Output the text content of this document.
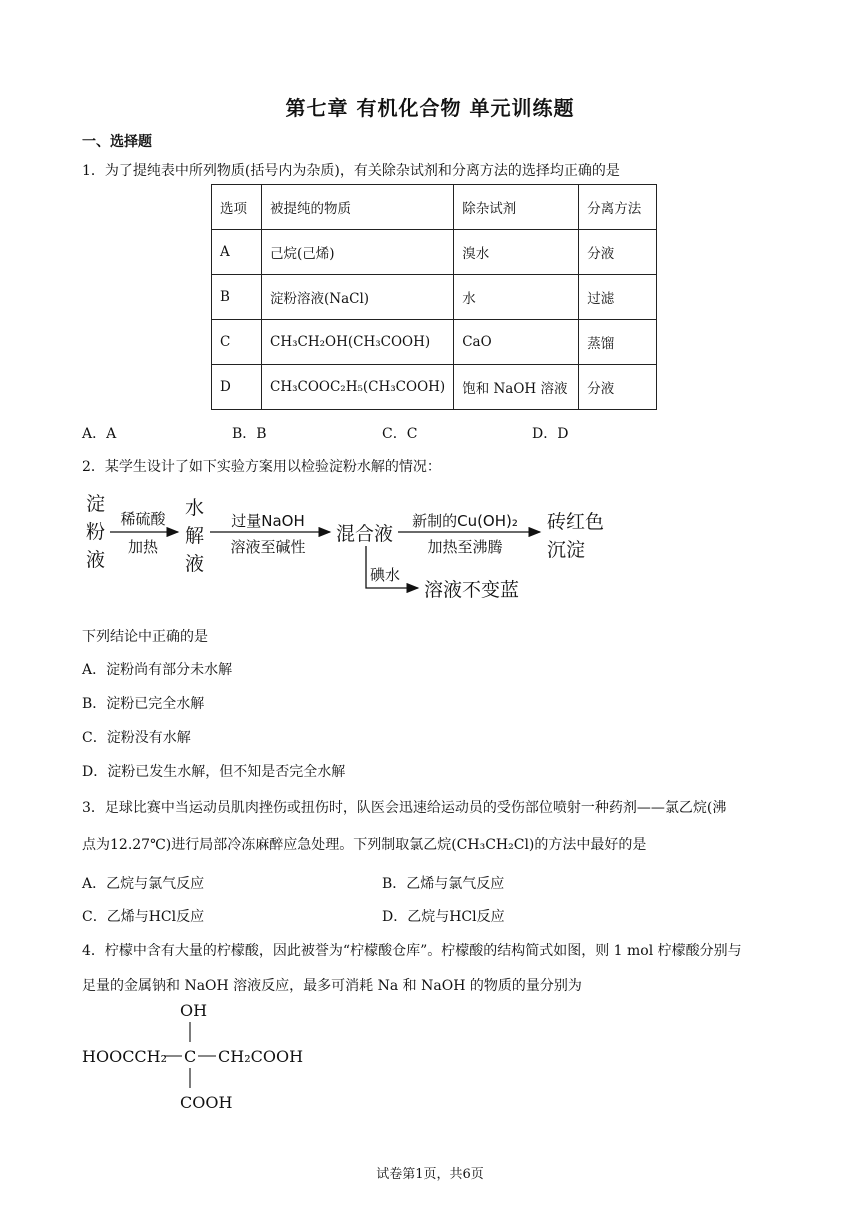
第七章 有机化合物 单元训练题
一、选择题
1．为了提纯表中所列物质(括号内为杂质)，有关除杂试剂和分离方法的选择均正确的是
选项	被提纯的物质	除杂试剂	分离方法
A	己烷(己烯)	溴水	分液
B	淀粉溶液(NaCl)	水	过滤
C	CH₃CH₂OH(CH₃COOH)	CaO	蒸馏
D	CH₃COOC₂H₅(CH₃COOH)	饱和 NaOH 溶液	分液
A．A	B．B	C．C	D．D
2．某学生设计了如下实验方案用以检验淀粉水解的情况：
淀
粉
液
稀硫酸
加热
水
解
液
过量NaOH
溶液至碱性
混合液
新制的Cu(OH)₂
加热至沸腾
砖红色
沉淀
碘水
溶液不变蓝
下列结论中正确的是
A．淀粉尚有部分未水解
B．淀粉已完全水解
C．淀粉没有水解
D．淀粉已发生水解，但不知是否完全水解
3．足球比赛中当运动员肌肉挫伤或扭伤时，队医会迅速给运动员的受伤部位喷射一种药剂——氯乙烷(沸
点为12.27℃)进行局部冷冻麻醉应急处理。下列制取氯乙烷(CH₃CH₂Cl)的方法中最好的是
A．乙烷与氯气反应	B．乙烯与氯气反应
C．乙烯与HCl反应	D．乙烷与HCl反应
4．柠檬中含有大量的柠檬酸，因此被誉为“柠檬酸仓库”。柠檬酸的结构简式如图，则 1 mol 柠檬酸分别与
足量的金属钠和 NaOH 溶液反应，最多可消耗 Na 和 NaOH 的物质的量分别为
OH
HOOCCH₂ C CH₂COOH
COOH
试卷第1页，共6页
